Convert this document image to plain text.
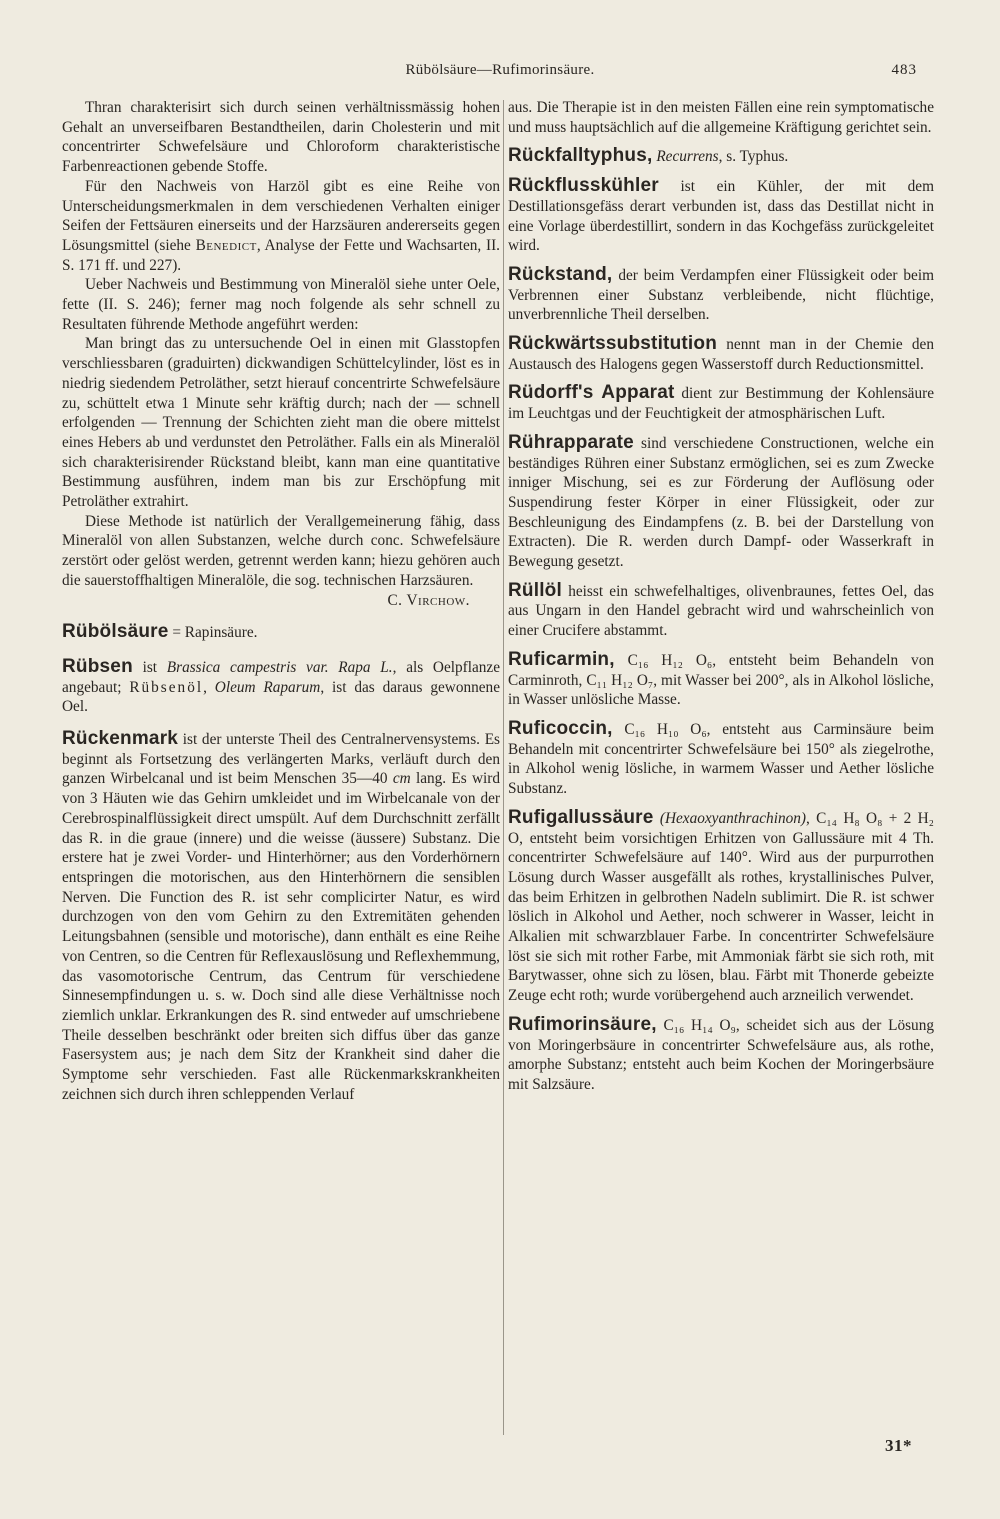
Rübölsäure—Rufimorinsäure.	483

Thran charakterisirt sich durch seinen verhältnissmässig hohen Gehalt an unverseifbaren Bestandtheilen, darin Cholesterin und mit concentrirter Schwefelsäure und Chloroform charakteristische Farbenreactionen gebende Stoffe.

Für den Nachweis von Harzöl gibt es eine Reihe von Unterscheidungsmerkmalen in dem verschiedenen Verhalten einiger Seifen der Fettsäuren einerseits und der Harzsäuren andererseits gegen Lösungsmittel (siehe Benedict, Analyse der Fette und Wachsarten, II. S. 171 ff. und 227).

Ueber Nachweis und Bestimmung von Mineralöl siehe unter Oele, fette (II. S. 246); ferner mag noch folgende als sehr schnell zu Resultaten führende Methode angeführt werden:

Man bringt das zu untersuchende Oel in einen mit Glasstopfen verschliessbaren (graduirten) dickwandigen Schüttelcylinder, löst es in niedrig siedendem Petroläther, setzt hierauf concentrirte Schwefelsäure zu, schüttelt etwa 1 Minute sehr kräftig durch; nach der — schnell erfolgenden — Trennung der Schichten zieht man die obere mittelst eines Hebers ab und verdunstet den Petroläther. Falls ein als Mineralöl sich charakterisirender Rückstand bleibt, kann man eine quantitative Bestimmung ausführen, indem man bis zur Erschöpfung mit Petroläther extrahirt.

Diese Methode ist natürlich der Verallgemeinerung fähig, dass Mineralöl von allen Substanzen, welche durch conc. Schwefelsäure zerstört oder gelöst werden, getrennt werden kann; hiezu gehören auch die sauerstoffhaltigen Mineralöle, die sog. technischen Harzsäuren.

C. Virchow.

Rübölsäure = Rapinsäure.

Rübsen ist Brassica campestris var. Rapa L., als Oelpflanze angebaut; Rübsenöl, Oleum Raparum, ist das daraus gewonnene Oel.

Rückenmark ist der unterste Theil des Centralnervensystems. Es beginnt als Fortsetzung des verlängerten Marks, verläuft durch den ganzen Wirbelcanal und ist beim Menschen 35—40 cm lang. Es wird von 3 Häuten wie das Gehirn umkleidet und im Wirbelcanale von der Cerebrospinalflüssigkeit direct umspült. Auf dem Durchschnitt zerfällt das R. in die graue (innere) und die weisse (äussere) Substanz. Die erstere hat je zwei Vorder- und Hinterhörner; aus den Vorderhörnern entspringen die motorischen, aus den Hinterhörnern die sensiblen Nerven. Die Function des R. ist sehr complicirter Natur, es wird durchzogen von den vom Gehirn zu den Extremitäten gehenden Leitungsbahnen (sensible und motorische), dann enthält es eine Reihe von Centren, so die Centren für Reflexauslösung und Reflexhemmung, das vasomotorische Centrum, das Centrum für verschiedene Sinnesempfindungen u. s. w. Doch sind alle diese Verhältnisse noch ziemlich unklar. Erkrankungen des R. sind entweder auf umschriebene Theile desselben beschränkt oder breiten sich diffus über das ganze Fasersystem aus; je nach dem Sitz der Krankheit sind daher die Symptome sehr verschieden. Fast alle Rückenmarkskrankheiten zeichnen sich durch ihren schleppenden Verlauf

aus. Die Therapie ist in den meisten Fällen eine rein symptomatische und muss hauptsächlich auf die allgemeine Kräftigung gerichtet sein.

Rückfalltyphus, Recurrens, s. Typhus.

Rückflusskühler ist ein Kühler, der mit dem Destillationsgefäss derart verbunden ist, dass das Destillat nicht in eine Vorlage überdestillirt, sondern in das Kochgefäss zurückgeleitet wird.

Rückstand, der beim Verdampfen einer Flüssigkeit oder beim Verbrennen einer Substanz verbleibende, nicht flüchtige, unverbrennliche Theil derselben.

Rückwärtssubstitution nennt man in der Chemie den Austausch des Halogens gegen Wasserstoff durch Reductionsmittel.

Rüdorff's Apparat dient zur Bestimmung der Kohlensäure im Leuchtgas und der Feuchtigkeit der atmosphärischen Luft.

Rührapparate sind verschiedene Constructionen, welche ein beständiges Rühren einer Substanz ermöglichen, sei es zum Zwecke inniger Mischung, sei es zur Förderung der Auflösung oder Suspendirung fester Körper in einer Flüssigkeit, oder zur Beschleunigung des Eindampfens (z. B. bei der Darstellung von Extracten). Die R. werden durch Dampf- oder Wasserkraft in Bewegung gesetzt.

Rüllöl heisst ein schwefelhaltiges, olivenbraunes, fettes Oel, das aus Ungarn in den Handel gebracht wird und wahrscheinlich von einer Crucifere abstammt.

Ruficarmin, C₁₆ H₁₂ O₆, entsteht beim Behandeln von Carminroth, C₁₁ H₁₂ O₇, mit Wasser bei 200°, als in Alkohol lösliche, in Wasser unlösliche Masse.

Ruficoccin, C₁₆ H₁₀ O₆, entsteht aus Carminsäure beim Behandeln mit concentrirter Schwefelsäure bei 150° als ziegelrothe, in Alkohol wenig lösliche, in warmem Wasser und Aether lösliche Substanz.

Rufigallussäure (Hexaoxyanthrachinon), C₁₄ H₈ O₈ + 2 H₂ O, entsteht beim vorsichtigen Erhitzen von Gallussäure mit 4 Th. concentrirter Schwefelsäure auf 140°. Wird aus der purpurrothen Lösung durch Wasser ausgefällt als rothes, krystallinisches Pulver, das beim Erhitzen in gelbrothen Nadeln sublimirt. Die R. ist schwer löslich in Alkohol und Aether, noch schwerer in Wasser, leicht in Alkalien mit schwarzblauer Farbe. In concentrirter Schwefelsäure löst sie sich mit rother Farbe, mit Ammoniak färbt sie sich roth, mit Barytwasser, ohne sich zu lösen, blau. Färbt mit Thonerde gebeizte Zeuge echt roth; wurde vorübergehend auch arzneilich verwendet.

Rufimorinsäure, C₁₆ H₁₄ O₉, scheidet sich aus der Lösung von Moringerbsäure in concentrirter Schwefelsäure aus, als rothe, amorphe Substanz; entsteht auch beim Kochen der Moringerbsäure mit Salzsäure.

31*
